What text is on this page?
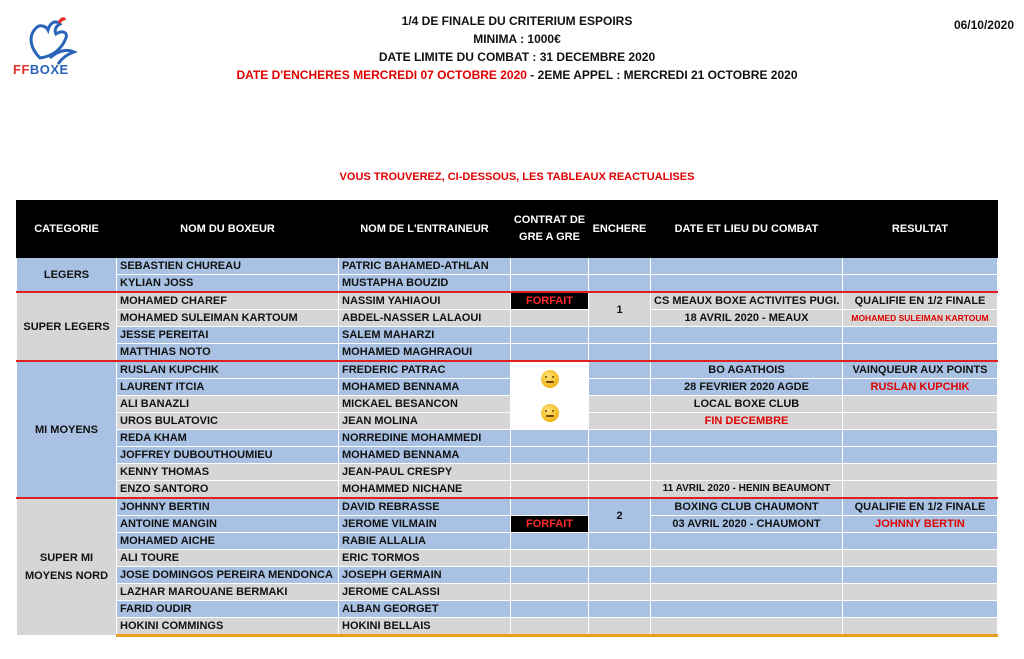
FFBOXE
1/4 DE FINALE DU CRITERIUM ESPOIRS
MINIMA : 1000€
DATE LIMITE DU COMBAT : 31 DECEMBRE 2020
DATE D'ENCHERES MERCREDI 07 OCTOBRE 2020 - 2EME APPEL : MERCREDI 21 OCTOBRE 2020
06/10/2020
VOUS TROUVEREZ, CI-DESSOUS, LES TABLEAUX REACTUALISES
CATEGORIE	NOM DU BOXEUR	NOM DE L'ENTRAINEUR	CONTRAT DE
GRE A GRE	ENCHERE	DATE ET LIEU DU COMBAT	RESULTAT
LEGERS	SEBASTIEN CHUREAU	PATRIC BAHAMED-ATHLAN				
	KYLIAN JOSS	MUSTAPHA BOUZID				
SUPER LEGERS	MOHAMED CHAREF	NASSIM YAHIAOUI	FORFAIT	1	CS MEAUX BOXE ACTIVITES PUGI.	QUALIFIE EN 1/2 FINALE
	MOHAMED SULEIMAN KARTOUM	ABDEL-NASSER LALAOUI			18 AVRIL 2020 - MEAUX	MOHAMED SULEIMAN KARTOUM
	JESSE PEREITAI	SALEM MAHARZI				
	MATTHIAS NOTO	MOHAMED MAGHRAOUI				
MI MOYENS	RUSLAN KUPCHIK	FREDERIC PATRAC			BO AGATHOIS	VAINQUEUR AUX POINTS
	LAURENT ITCIA	MOHAMED BENNAMA			28 FEVRIER 2020 AGDE	RUSLAN KUPCHIK
	ALI BANAZLI	MICKAEL BESANCON			LOCAL BOXE CLUB	
	UROS BULATOVIC	JEAN MOLINA			FIN DECEMBRE	
	REDA KHAM	NORREDINE MOHAMMEDI				
	JOFFREY DUBOUTHOUMIEU	MOHAMED BENNAMA				
	KENNY THOMAS	JEAN-PAUL CRESPY				
	ENZO SANTORO	MOHAMMED NICHANE			11 AVRIL 2020 - HENIN BEAUMONT	
SUPER MI
MOYENS NORD	JOHNNY BERTIN	DAVID REBRASSE		2	BOXING CLUB CHAUMONT	QUALIFIE EN 1/2 FINALE
	ANTOINE MANGIN	JEROME VILMAIN	FORFAIT		03 AVRIL 2020 - CHAUMONT	JOHNNY BERTIN
	MOHAMED AICHE	RABIE ALLALIA				
	ALI TOURE	ERIC TORMOS				
	JOSE DOMINGOS PEREIRA MENDONCA	JOSEPH GERMAIN				
	LAZHAR MAROUANE BERMAKI	JEROME CALASSI				
	FARID OUDIR	ALBAN GEORGET				
	HOKINI COMMINGS	HOKINI BELLAIS				
